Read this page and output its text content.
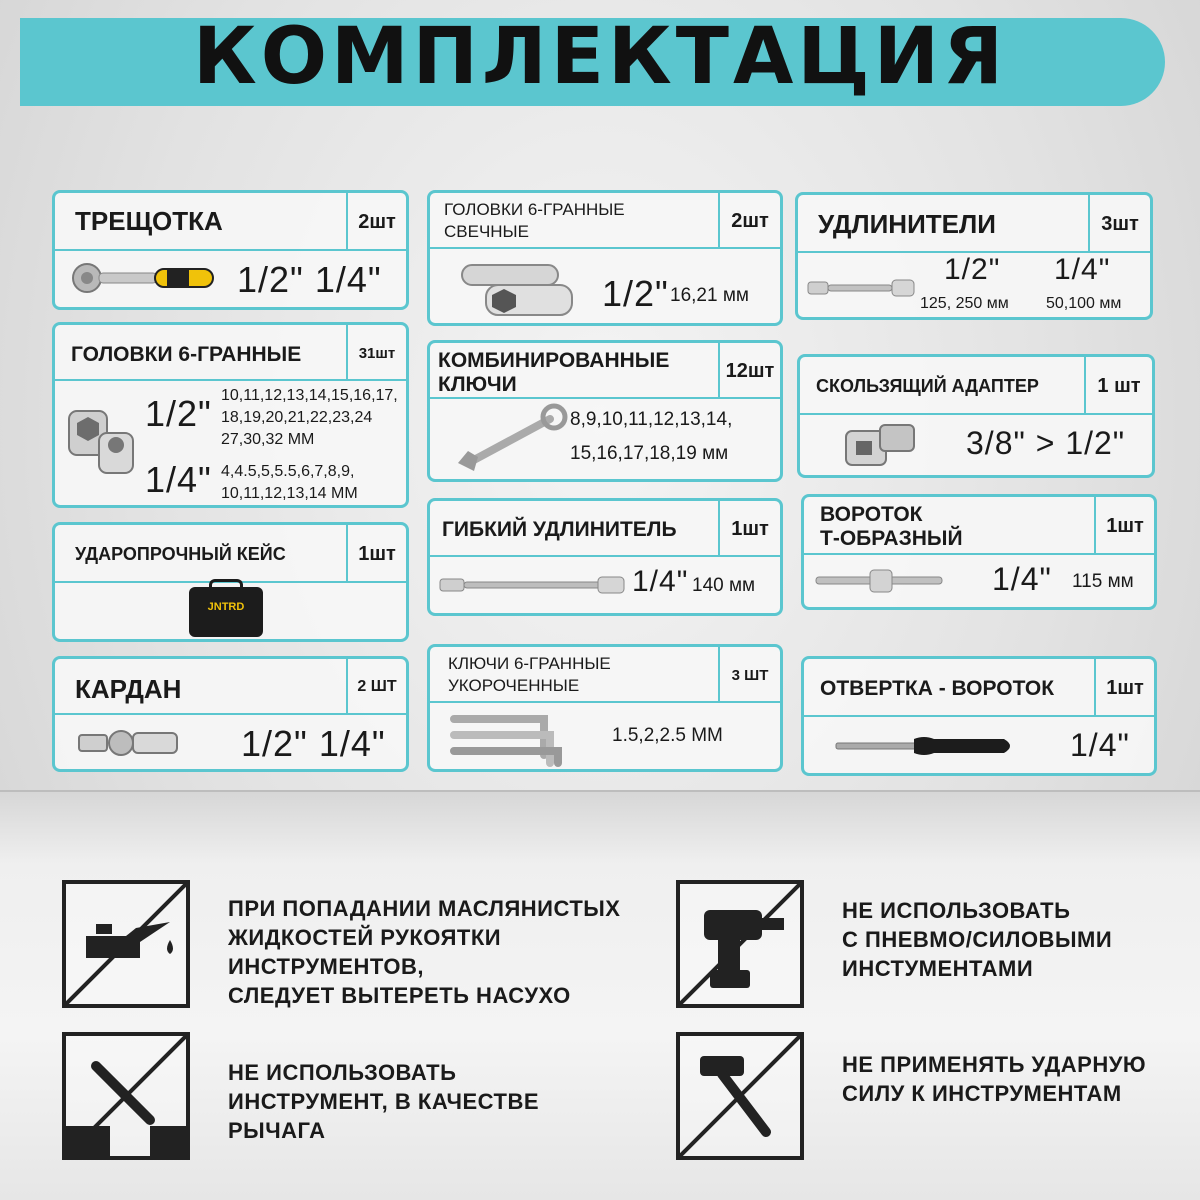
КОМПЛЕКТАЦИЯ
2шт
ТРЕЩОТКА
1/2" 1/4"
31шт
ГОЛОВКИ 6-ГРАННЫЕ
1/2" 10,11,12,13,14,15,16,17,
18,19,20,21,22,23,24
27,30,32 ММ
1/4" 4,4.5,5,5.5,6,7,8,9,
10,11,12,13,14 ММ
1шт
УДАРОПРОЧНЫЙ КЕЙС
JNTRD
2 ШТ
КАРДАН
1/2" 1/4"
2шт
ГОЛОВКИ 6-ГРАННЫЕ
СВЕЧНЫЕ
1/2" 16,21 мм
12шт
КОМБИНИРОВАННЫЕ
КЛЮЧИ
8,9,10,11,12,13,14,
15,16,17,18,19 мм
1шт
ГИБКИЙ УДЛИНИТЕЛЬ
1/4" 140 мм
3 ШТ
КЛЮЧИ 6-ГРАННЫЕ
УКОРОЧЕННЫЕ
1.5,2,2.5 ММ
3шт
УДЛИНИТЕЛИ
1/2"
125, 250 мм
1/4"
50,100 мм
1 шт
СКОЛЬЗЯЩИЙ АДАПТЕР
3/8" > 1/2"
1шт
ВОРОТОК
Т-ОБРАЗНЫЙ
1/4" 115 мм
1шт
ОТВЕРТКА - ВОРОТОК
1/4"
ПРИ ПОПАДАНИИ МАСЛЯНИСТЫХ
ЖИДКОСТЕЙ РУКОЯТКИ
ИНСТРУМЕНТОВ,
СЛЕДУЕТ ВЫТЕРЕТЬ НАСУХО
НЕ ИСПОЛЬЗОВАТЬ
ИНСТРУМЕНТ, В КАЧЕСТВЕ
РЫЧАГА
НЕ ИСПОЛЬЗОВАТЬ
С ПНЕВМО/СИЛОВЫМИ
ИНСТУМЕНТАМИ
НЕ ПРИМЕНЯТЬ УДАРНУЮ
СИЛУ К ИНСТРУМЕНТАМ
